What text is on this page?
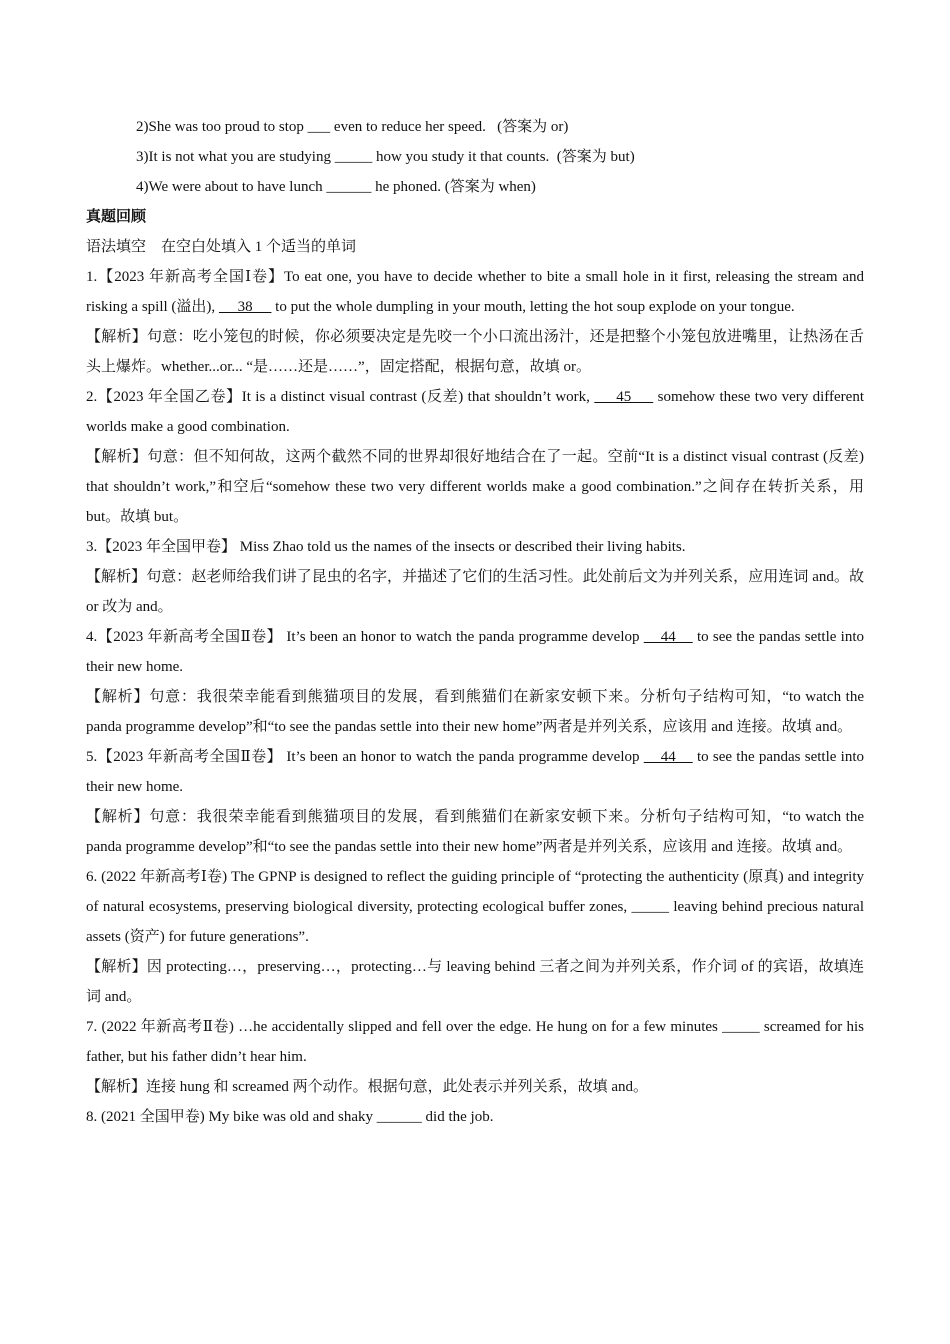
2)She was too proud to stop ___ even to reduce her speed.   (答案为 or)

3)It is not what you are studying _____ how you study it that counts.  (答案为 but)

4)We were about to have lunch ______ he phoned. (答案为 when)

真题回顾

语法填空    在空白处填入 1 个适当的单词

1.【2023 年新高考全国Ⅰ卷】To eat one, you have to decide whether to bite a small hole in it first, releasing the stream and risking a spill (溢出),      38      to put the whole dumpling in your mouth, letting the hot soup explode on your tongue.

【解析】句意：吃小笼包的时候，你必须要决定是先咬一个小口流出汤汁，还是把整个小笼包放进嘴里，让热汤在舌头上爆炸。whether...or... “是……还是……”，固定搭配，根据句意，故填 or。

2.【2023 年全国乙卷】It is a distinct visual contrast (反差) that shouldn’t work,      45      somehow these two very different worlds make a good combination.

【解析】句意：但不知何故，这两个截然不同的世界却很好地结合在了一起。空前“It is a distinct visual contrast (反差) that shouldn’t work,”和空后“somehow these two very different worlds make a good combination.”之间存在转折关系，用 but。故填 but。

3.【2023 年全国甲卷】 Miss Zhao told us the names of the insects or described their living habits.

【解析】句意：赵老师给我们讲了昆虫的名字，并描述了它们的生活习性。此处前后文为并列关系，应用连词 and。故 or 改为 and。

4.【2023 年新高考全国Ⅱ卷】 It’s been an honor to watch the panda programme develop     44     to see the pandas settle into their new home.

【解析】句意：我很荣幸能看到熊猫项目的发展，看到熊猫们在新家安顿下来。分析句子结构可知，“to watch the panda programme develop”和“to see the pandas settle into their new home”两者是并列关系，应该用 and 连接。故填 and。

5.【2023 年新高考全国Ⅱ卷】 It’s been an honor to watch the panda programme develop     44     to see the pandas settle into their new home.

【解析】句意：我很荣幸能看到熊猫项目的发展，看到熊猫们在新家安顿下来。分析句子结构可知，“to watch the panda programme develop”和“to see the pandas settle into their new home”两者是并列关系，应该用 and 连接。故填 and。

6. (2022 年新高考Ⅰ卷) The GPNP is designed to reflect the guiding principle of “protecting the authenticity (原真) and integrity of natural ecosystems, preserving biological diversity, protecting ecological buffer zones, _____ leaving behind precious natural assets (资产) for future generations”.

【解析】因 protecting…，preserving…，protecting…与 leaving behind 三者之间为并列关系，作介词 of 的宾语，故填连词 and。

7. (2022 年新高考Ⅱ卷) …he accidentally slipped and fell over the edge. He hung on for a few minutes _____ screamed for his father, but his father didn’t hear him.

【解析】连接 hung 和 screamed 两个动作。根据句意，此处表示并列关系，故填 and。

8. (2021 全国甲卷) My bike was old and shaky ______ did the job.
